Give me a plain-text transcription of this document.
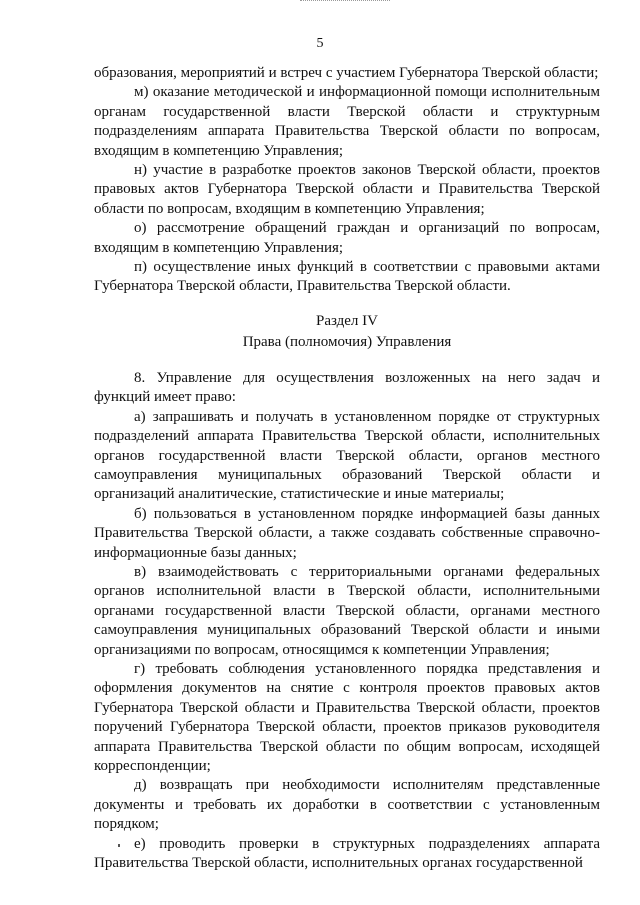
5

образования, мероприятий и встреч с участием Губернатора Тверской области;

м) оказание методической и информационной помощи исполнительным органам государственной власти Тверской области и структурным подразделениям аппарата Правительства Тверской области по вопросам, входящим в компетенцию Управления;

н) участие в разработке проектов законов Тверской области, проектов правовых актов Губернатора Тверской области и Правительства Тверской области по вопросам, входящим в компетенцию Управления;

о) рассмотрение обращений граждан и организаций по вопросам, входящим в компетенцию Управления;

п) осуществление иных функций в соответствии с правовыми актами Губернатора Тверской области, Правительства Тверской области.

Раздел IV

Права (полномочия) Управления

8. Управление для осуществления возложенных на него задач и функций имеет право:

а) запрашивать и получать в установленном порядке от структурных подразделений аппарата Правительства Тверской области, исполнительных органов государственной власти Тверской области, органов местного самоуправления муниципальных образований Тверской области и организаций аналитические, статистические и иные материалы;

б) пользоваться в установленном порядке информацией базы данных Правительства Тверской области, а также создавать собственные справочно-информационные базы данных;

в) взаимодействовать с территориальными органами федеральных органов исполнительной власти в Тверской области, исполнительными органами государственной власти Тверской области, органами местного самоуправления муниципальных образований Тверской области и иными организациями по вопросам, относящимся к компетенции Управления;

г) требовать соблюдения установленного порядка представления и оформления документов на снятие с контроля проектов правовых актов Губернатора Тверской области и Правительства Тверской области, проектов поручений Губернатора Тверской области, проектов приказов руководителя аппарата Правительства Тверской области по общим вопросам, исходящей корреспонденции;

д) возвращать при необходимости исполнителям представленные документы и требовать их доработки в соответствии с установленным порядком;

е) проводить проверки в структурных подразделениях аппарата Правительства Тверской области, исполнительных органах государственной
